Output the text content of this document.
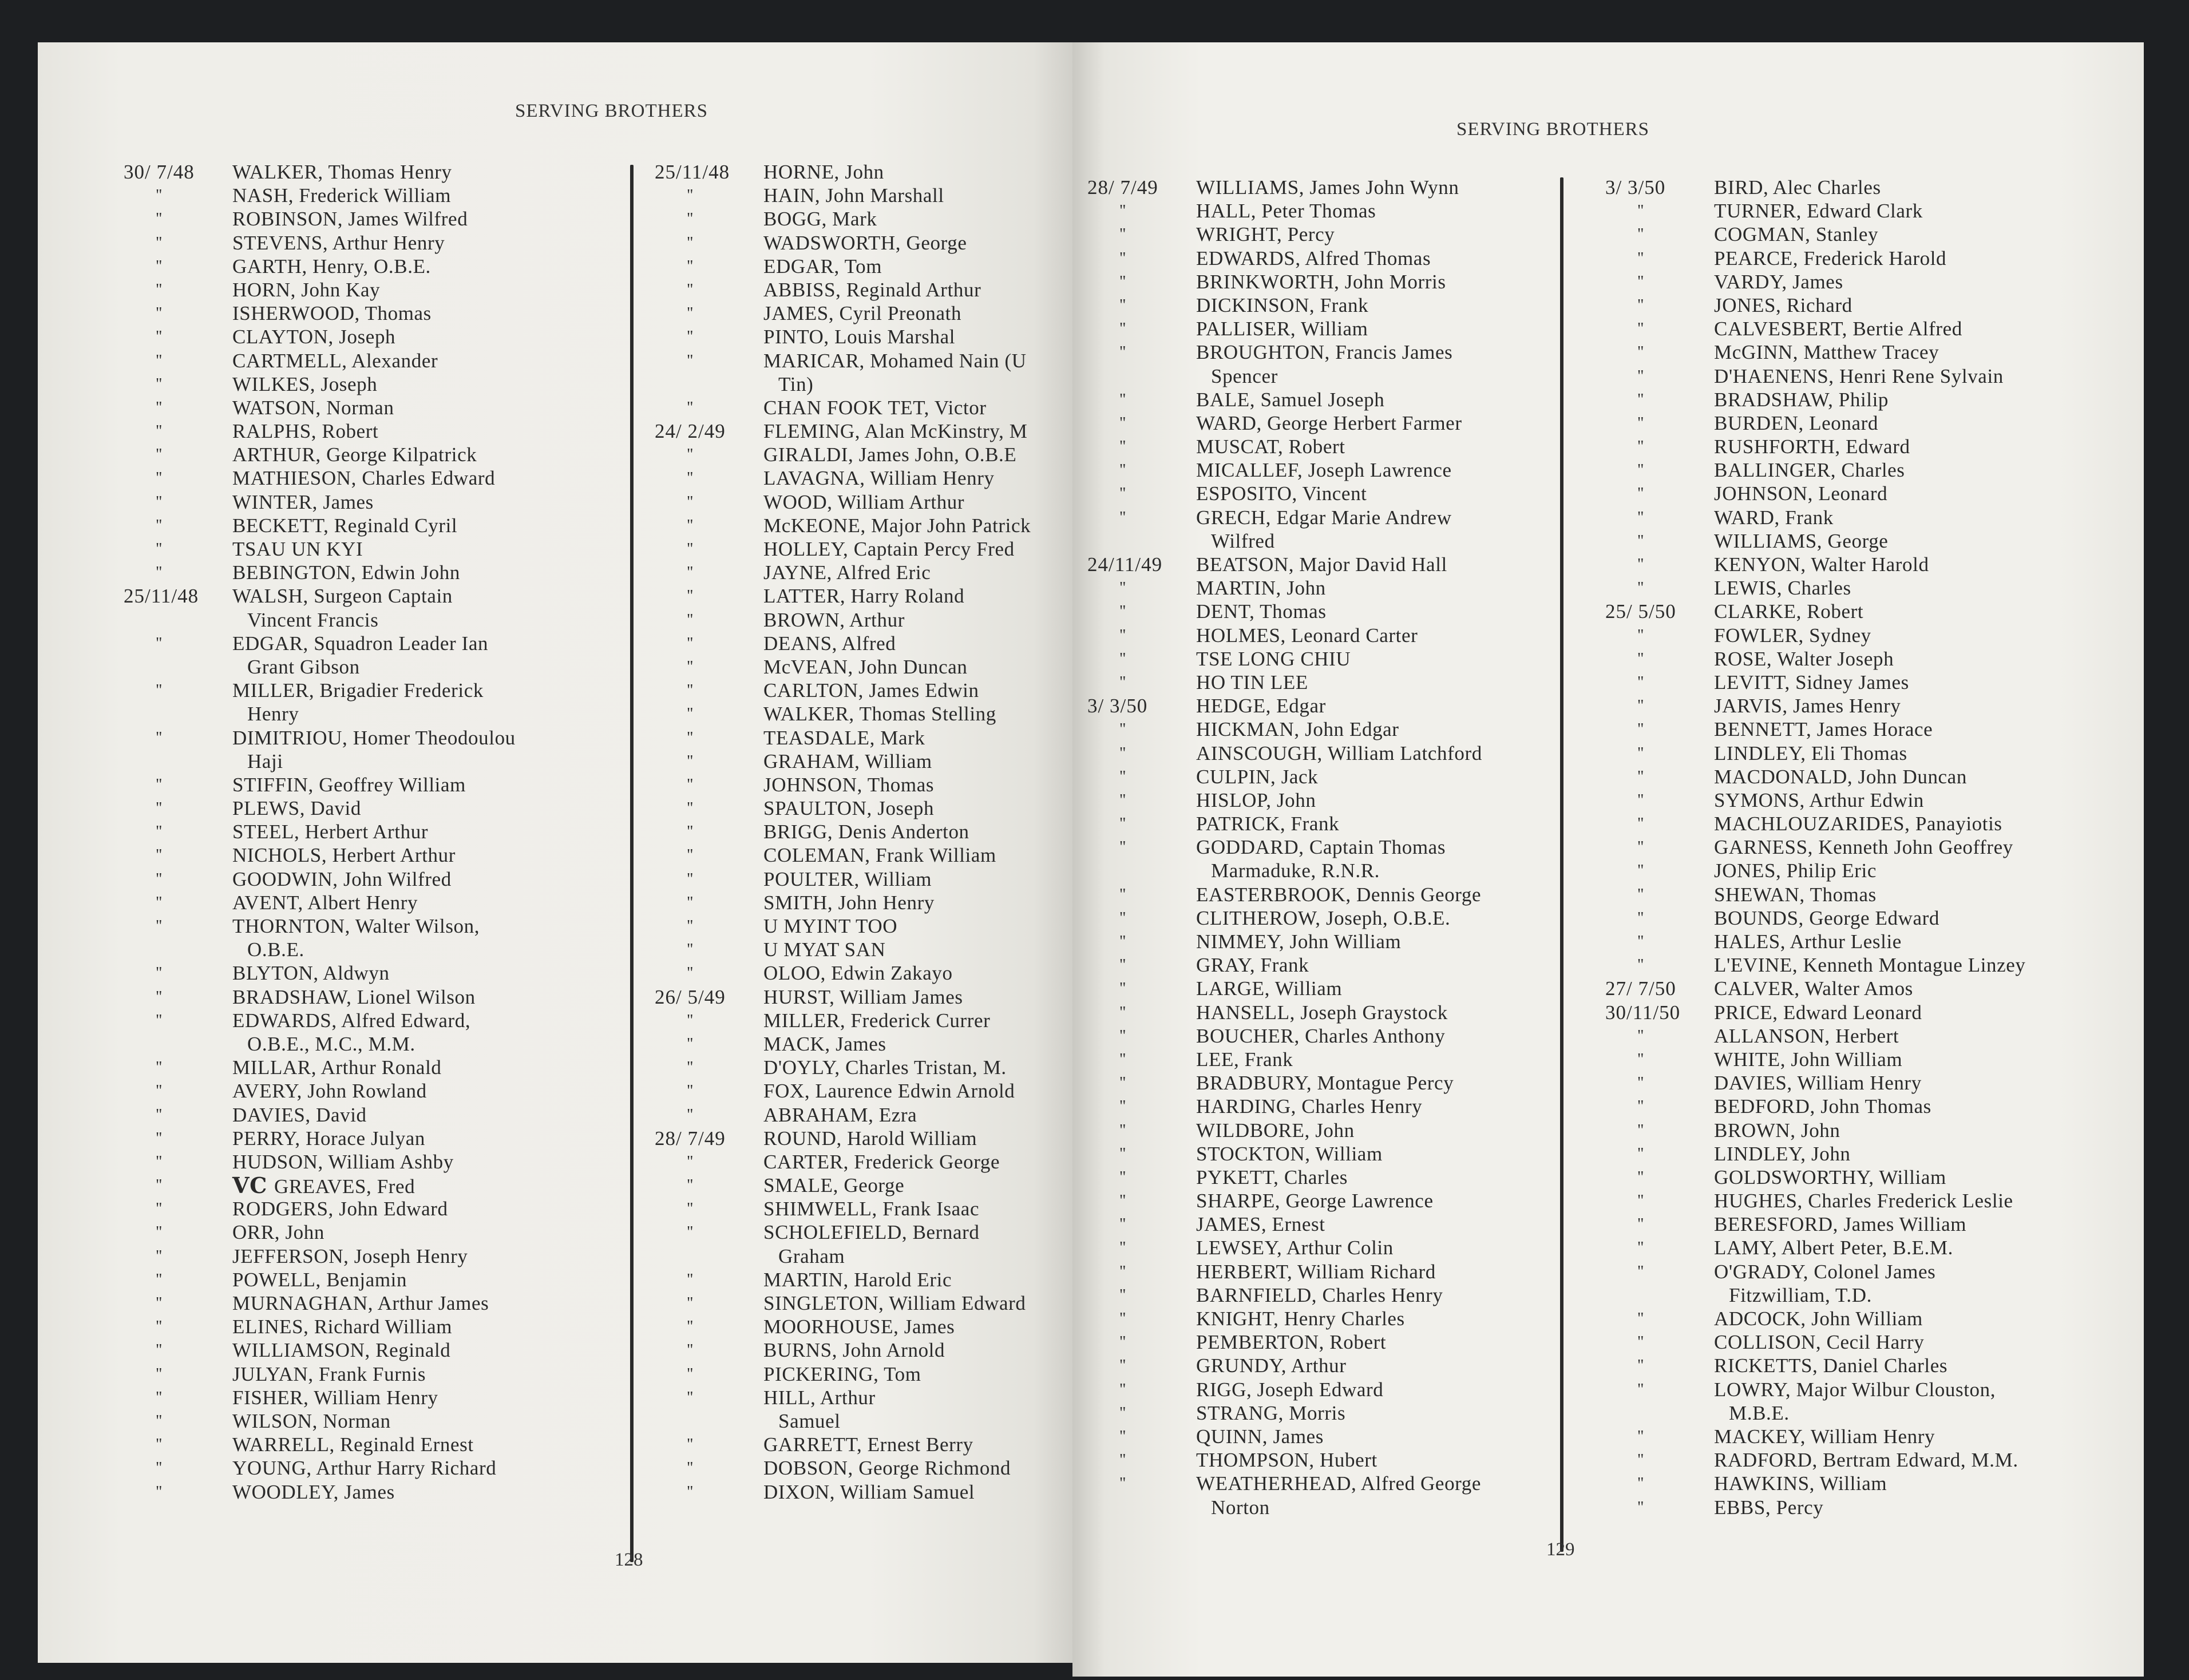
SERVING BROTHERS
30/ 7/48	WALKER, Thomas Henry
"	NASH, Frederick William
"	ROBINSON, James Wilfred
"	STEVENS, Arthur Henry
"	GARTH, Henry, O.B.E.
"	HORN, John Kay
"	ISHERWOOD, Thomas
"	CLAYTON, Joseph
"	CARTMELL, Alexander
"	WILKES, Joseph
"	WATSON, Norman
"	RALPHS, Robert
"	ARTHUR, George Kilpatrick
"	MATHIESON, Charles Edward
"	WINTER, James
"	BECKETT, Reginald Cyril
"	TSAU UN KYI
"	BEBINGTON, Edwin John
25/11/48	WALSH, Surgeon Captain
Vincent Francis
"	EDGAR, Squadron Leader Ian
Grant Gibson
"	MILLER, Brigadier Frederick
Henry
"	DIMITRIOU, Homer Theodoulou
Haji
"	STIFFIN, Geoffrey William
"	PLEWS, David
"	STEEL, Herbert Arthur
"	NICHOLS, Herbert Arthur
"	GOODWIN, John Wilfred
"	AVENT, Albert Henry
"	THORNTON, Walter Wilson,
O.B.E.
"	BLYTON, Aldwyn
"	BRADSHAW, Lionel Wilson
"	EDWARDS, Alfred Edward,
O.B.E., M.C., M.M.
"	MILLAR, Arthur Ronald
"	AVERY, John Rowland
"	DAVIES, David
"	PERRY, Horace Julyan
"	HUDSON, William Ashby
"	VC GREAVES, Fred
"	RODGERS, John Edward
"	ORR, John
"	JEFFERSON, Joseph Henry
"	POWELL, Benjamin
"	MURNAGHAN, Arthur James
"	ELINES, Richard William
"	WILLIAMSON, Reginald
"	JULYAN, Frank Furnis
"	FISHER, William Henry
"	WILSON, Norman
"	WARRELL, Reginald Ernest
"	YOUNG, Arthur Harry Richard
"	WOODLEY, James
25/11/48	HORNE, John
"	HAIN, John Marshall
"	BOGG, Mark
"	WADSWORTH, George
"	EDGAR, Tom
"	ABBISS, Reginald Arthur
"	JAMES, Cyril Preonath
"	PINTO, Louis Marshal
"	MARICAR, Mohamed Nain (U
Tin)
"	CHAN FOOK TET, Victor
24/ 2/49	FLEMING, Alan McKinstry, M
"	GIRALDI, James John, O.B.E
"	LAVAGNA, William Henry
"	WOOD, William Arthur
"	McKEONE, Major John Patrick
"	HOLLEY, Captain Percy Fred
"	JAYNE, Alfred Eric
"	LATTER, Harry Roland
"	BROWN, Arthur
"	DEANS, Alfred
"	McVEAN, John Duncan
"	CARLTON, James Edwin
"	WALKER, Thomas Stelling
"	TEASDALE, Mark
"	GRAHAM, William
"	JOHNSON, Thomas
"	SPAULTON, Joseph
"	BRIGG, Denis Anderton
"	COLEMAN, Frank William
"	POULTER, William
"	SMITH, John Henry
"	U MYINT TOO
"	U MYAT SAN
"	OLOO, Edwin Zakayo
26/ 5/49	HURST, William James
"	MILLER, Frederick Currer
"	MACK, James
"	D'OYLY, Charles Tristan, M.
"	FOX, Laurence Edwin Arnold
"	ABRAHAM, Ezra
28/ 7/49	ROUND, Harold William
"	CARTER, Frederick George
"	SMALE, George
"	SHIMWELL, Frank Isaac
"	SCHOLEFIELD, Bernard
Graham
"	MARTIN, Harold Eric
"	SINGLETON, William Edward
"	MOORHOUSE, James
"	BURNS, John Arnold
"	PICKERING, Tom
"	HILL, Arthur
Samuel
"	GARRETT, Ernest Berry
"	DOBSON, George Richmond
"	DIXON, William Samuel
128
SERVING BROTHERS
28/ 7/49	WILLIAMS, James John Wynn
"	HALL, Peter Thomas
"	WRIGHT, Percy
"	EDWARDS, Alfred Thomas
"	BRINKWORTH, John Morris
"	DICKINSON, Frank
"	PALLISER, William
"	BROUGHTON, Francis James
Spencer
"	BALE, Samuel Joseph
"	WARD, George Herbert Farmer
"	MUSCAT, Robert
"	MICALLEF, Joseph Lawrence
"	ESPOSITO, Vincent
"	GRECH, Edgar Marie Andrew
Wilfred
24/11/49	BEATSON, Major David Hall
"	MARTIN, John
"	DENT, Thomas
"	HOLMES, Leonard Carter
"	TSE LONG CHIU
"	HO TIN LEE
3/ 3/50	HEDGE, Edgar
"	HICKMAN, John Edgar
"	AINSCOUGH, William Latchford
"	CULPIN, Jack
"	HISLOP, John
"	PATRICK, Frank
"	GODDARD, Captain Thomas
Marmaduke, R.N.R.
"	EASTERBROOK, Dennis George
"	CLITHEROW, Joseph, O.B.E.
"	NIMMEY, John William
"	GRAY, Frank
"	LARGE, William
"	HANSELL, Joseph Graystock
"	BOUCHER, Charles Anthony
"	LEE, Frank
"	BRADBURY, Montague Percy
"	HARDING, Charles Henry
"	WILDBORE, John
"	STOCKTON, William
"	PYKETT, Charles
"	SHARPE, George Lawrence
"	JAMES, Ernest
"	LEWSEY, Arthur Colin
"	HERBERT, William Richard
"	BARNFIELD, Charles Henry
"	KNIGHT, Henry Charles
"	PEMBERTON, Robert
"	GRUNDY, Arthur
"	RIGG, Joseph Edward
"	STRANG, Morris
"	QUINN, James
"	THOMPSON, Hubert
"	WEATHERHEAD, Alfred George
Norton
3/ 3/50	BIRD, Alec Charles
"	TURNER, Edward Clark
"	COGMAN, Stanley
"	PEARCE, Frederick Harold
"	VARDY, James
"	JONES, Richard
"	CALVESBERT, Bertie Alfred
"	McGINN, Matthew Tracey
"	D'HAENENS, Henri Rene Sylvain
"	BRADSHAW, Philip
"	BURDEN, Leonard
"	RUSHFORTH, Edward
"	BALLINGER, Charles
"	JOHNSON, Leonard
"	WARD, Frank
"	WILLIAMS, George
"	KENYON, Walter Harold
"	LEWIS, Charles
25/ 5/50	CLARKE, Robert
"	FOWLER, Sydney
"	ROSE, Walter Joseph
"	LEVITT, Sidney James
"	JARVIS, James Henry
"	BENNETT, James Horace
"	LINDLEY, Eli Thomas
"	MACDONALD, John Duncan
"	SYMONS, Arthur Edwin
"	MACHLOUZARIDES, Panayiotis
"	GARNESS, Kenneth John Geoffrey
"	JONES, Philip Eric
"	SHEWAN, Thomas
"	BOUNDS, George Edward
"	HALES, Arthur Leslie
"	L'EVINE, Kenneth Montague Linzey
27/ 7/50	CALVER, Walter Amos
30/11/50	PRICE, Edward Leonard
"	ALLANSON, Herbert
"	WHITE, John William
"	DAVIES, William Henry
"	BEDFORD, John Thomas
"	BROWN, John
"	LINDLEY, John
"	GOLDSWORTHY, William
"	HUGHES, Charles Frederick Leslie
"	BERESFORD, James William
"	LAMY, Albert Peter, B.E.M.
"	O'GRADY, Colonel James
Fitzwilliam, T.D.
"	ADCOCK, John William
"	COLLISON, Cecil Harry
"	RICKETTS, Daniel Charles
"	LOWRY, Major Wilbur Clouston,
M.B.E.
"	MACKEY, William Henry
"	RADFORD, Bertram Edward, M.M.
"	HAWKINS, William
"	EBBS, Percy
129
